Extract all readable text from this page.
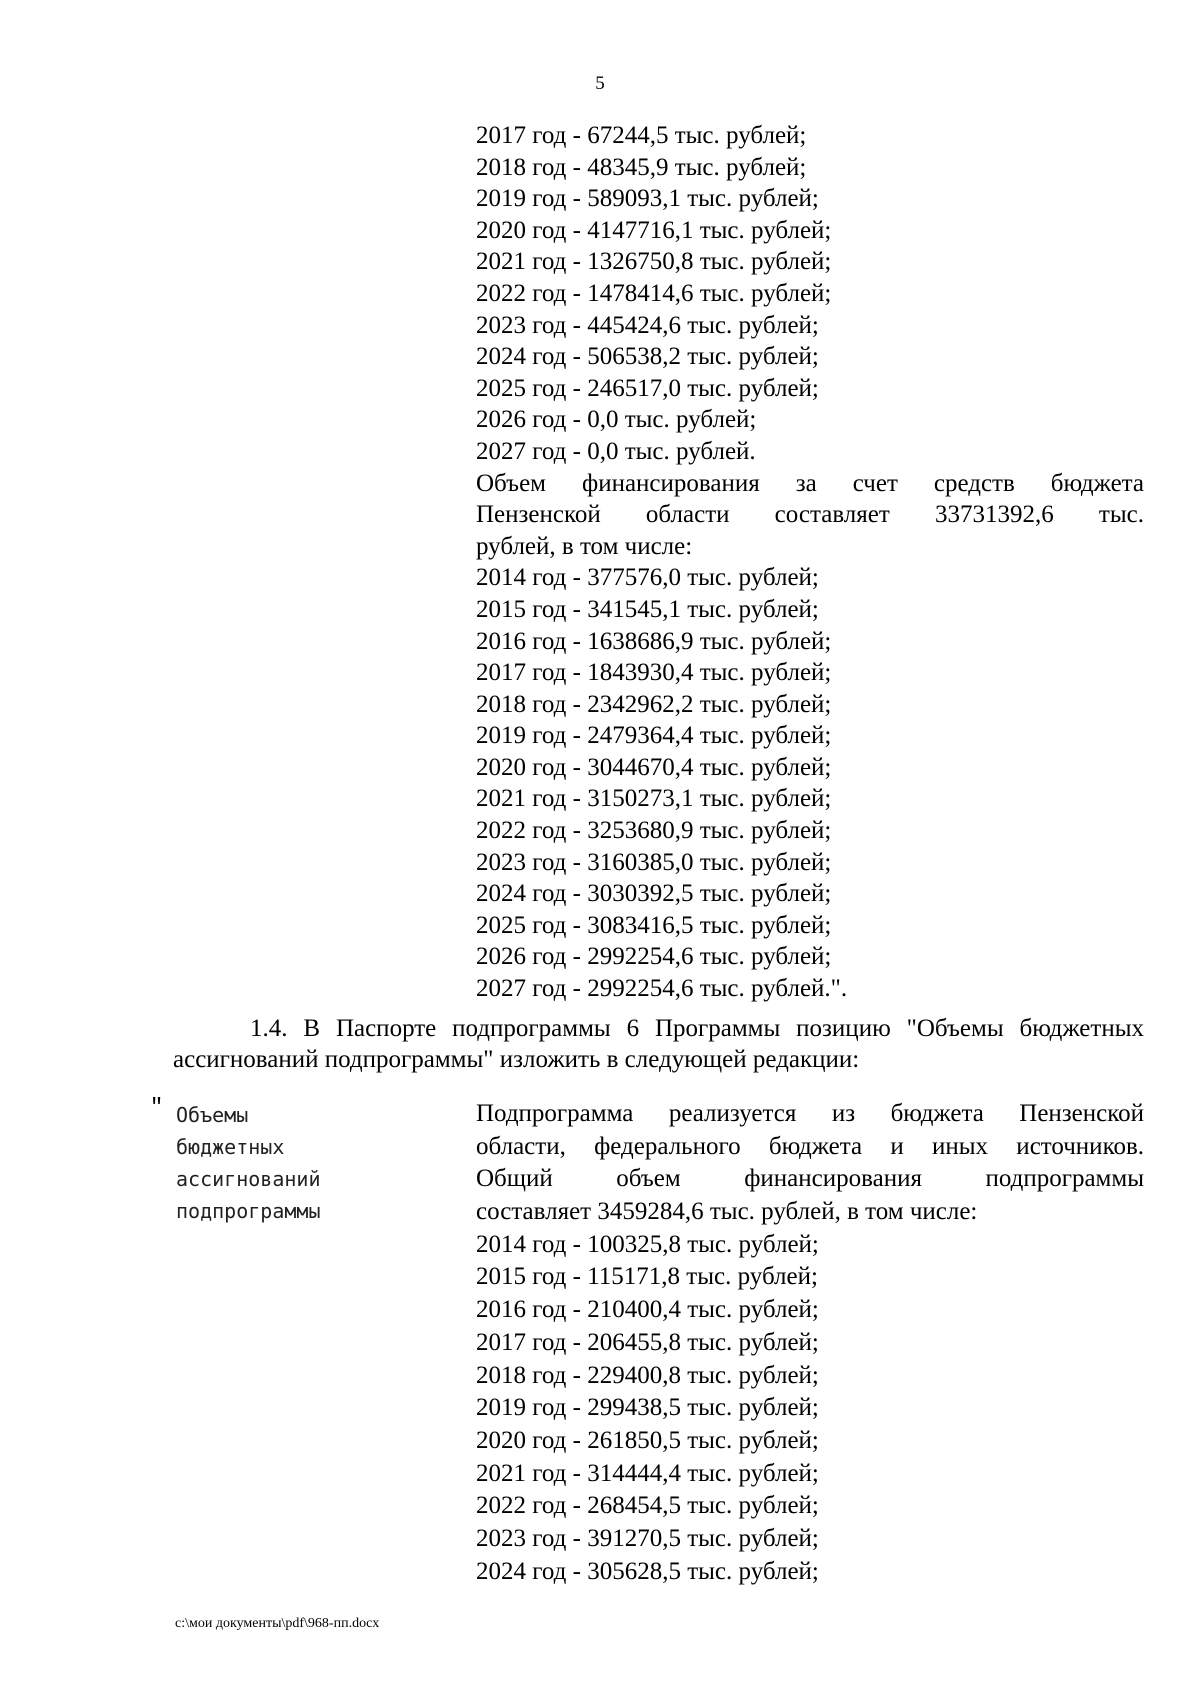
5
2017 год - 67244,5 тыс. рублей;
2018 год - 48345,9 тыс. рублей;
2019 год - 589093,1 тыс. рублей;
2020 год - 4147716,1 тыс. рублей;
2021 год - 1326750,8 тыс. рублей;
2022 год - 1478414,6 тыс. рублей;
2023 год - 445424,6 тыс. рублей;
2024 год - 506538,2 тыс. рублей;
2025 год - 246517,0 тыс. рублей;
2026 год - 0,0 тыс. рублей;
2027 год - 0,0 тыс. рублей.
Объем финансирования за счет средств бюджета
Пензенской области составляет 33731392,6 тыс.
рублей, в том числе:
2014 год - 377576,0 тыс. рублей;
2015 год - 341545,1 тыс. рублей;
2016 год - 1638686,9 тыс. рублей;
2017 год - 1843930,4 тыс. рублей;
2018 год - 2342962,2 тыс. рублей;
2019 год - 2479364,4 тыс. рублей;
2020 год - 3044670,4 тыс. рублей;
2021 год - 3150273,1 тыс. рублей;
2022 год - 3253680,9 тыс. рублей;
2023 год - 3160385,0 тыс. рублей;
2024 год - 3030392,5 тыс. рублей;
2025 год - 3083416,5 тыс. рублей;
2026 год - 2992254,6 тыс. рублей;
2027 год - 2992254,6 тыс. рублей.".
1.4. В Паспорте подпрограммы 6 Программы позицию "Объемы бюджетных
ассигнований подпрограммы" изложить в следующей редакции:
" Объемы
бюджетных
ассигнований
подпрограммы
Подпрограмма реализуется из бюджета Пензенской
области, федерального бюджета и иных источников.
Общий объем финансирования подпрограммы
составляет 3459284,6 тыс. рублей, в том числе:
2014 год - 100325,8 тыс. рублей;
2015 год - 115171,8 тыс. рублей;
2016 год - 210400,4 тыс. рублей;
2017 год - 206455,8 тыс. рублей;
2018 год - 229400,8 тыс. рублей;
2019 год - 299438,5 тыс. рублей;
2020 год - 261850,5 тыс. рублей;
2021 год - 314444,4 тыс. рублей;
2022 год - 268454,5 тыс. рублей;
2023 год - 391270,5 тыс. рублей;
2024 год - 305628,5 тыс. рублей;
c:\мои документы\pdf\968-пп.docx
